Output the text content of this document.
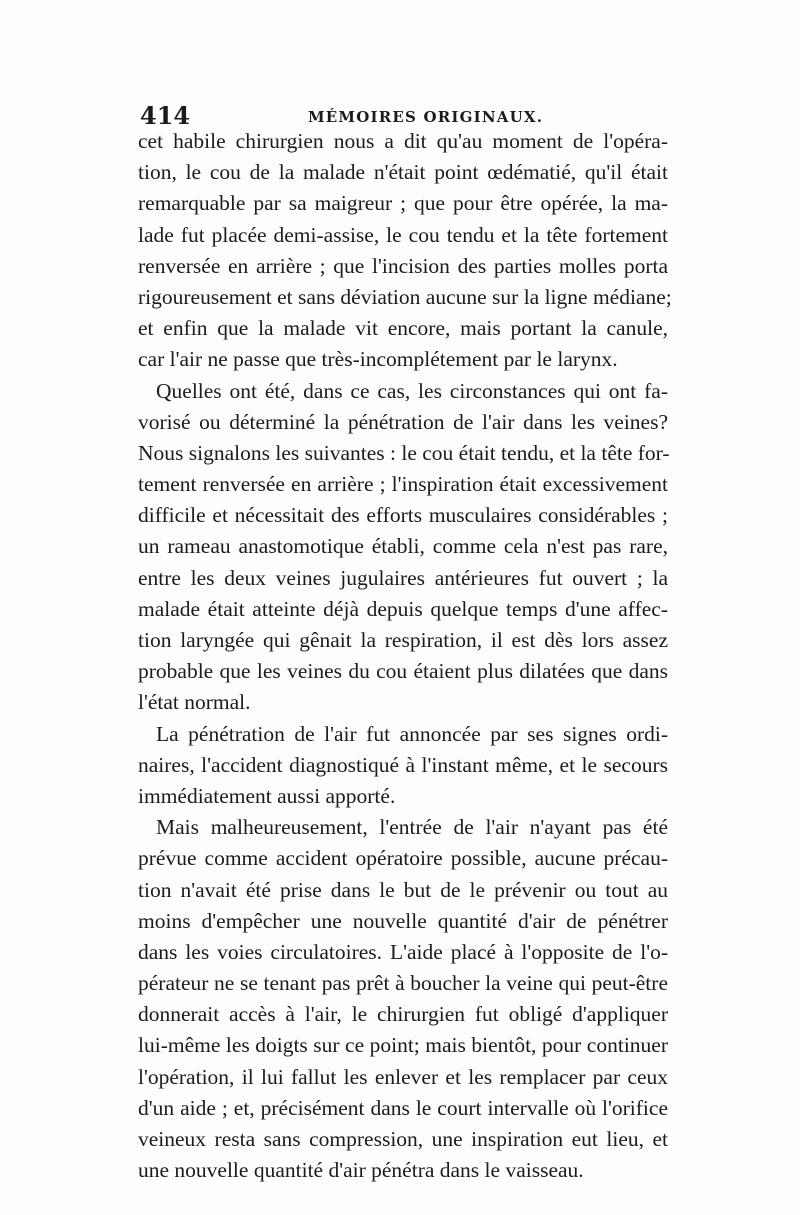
414	MÉMOIRES ORIGINAUX.
cet habile chirurgien nous a dit qu'au moment de l'opéra-
tion, le cou de la malade n'était point œdématié, qu'il était
remarquable par sa maigreur ; que pour être opérée, la ma-
lade fut placée demi-assise, le cou tendu et la tête fortement
renversée en arrière ; que l'incision des parties molles porta
rigoureusement et sans déviation aucune sur la ligne médiane;
et enfin que la malade vit encore, mais portant la canule,
car l'air ne passe que très-incomplétement par le larynx.
Quelles ont été, dans ce cas, les circonstances qui ont fa-
vorisé ou déterminé la pénétration de l'air dans les veines?
Nous signalons les suivantes : le cou était tendu, et la tête for-
tement renversée en arrière ; l'inspiration était excessivement
difficile et nécessitait des efforts musculaires considérables ;
un rameau anastomotique établi, comme cela n'est pas rare,
entre les deux veines jugulaires antérieures fut ouvert ; la
malade était atteinte déjà depuis quelque temps d'une affec-
tion laryngée qui gênait la respiration, il est dès lors assez
probable que les veines du cou étaient plus dilatées que dans
l'état normal.
La pénétration de l'air fut annoncée par ses signes ordi-
naires, l'accident diagnostiqué à l'instant même, et le secours
immédiatement aussi apporté.
Mais malheureusement, l'entrée de l'air n'ayant pas été
prévue comme accident opératoire possible, aucune précau-
tion n'avait été prise dans le but de le prévenir ou tout au
moins d'empêcher une nouvelle quantité d'air de pénétrer
dans les voies circulatoires. L'aide placé à l'opposite de l'o-
pérateur ne se tenant pas prêt à boucher la veine qui peut-être
donnerait accès à l'air, le chirurgien fut obligé d'appliquer
lui-même les doigts sur ce point; mais bientôt, pour continuer
l'opération, il lui fallut les enlever et les remplacer par ceux
d'un aide ; et, précisément dans le court intervalle où l'orifice
veineux resta sans compression, une inspiration eut lieu, et
une nouvelle quantité d'air pénétra dans le vaisseau.
